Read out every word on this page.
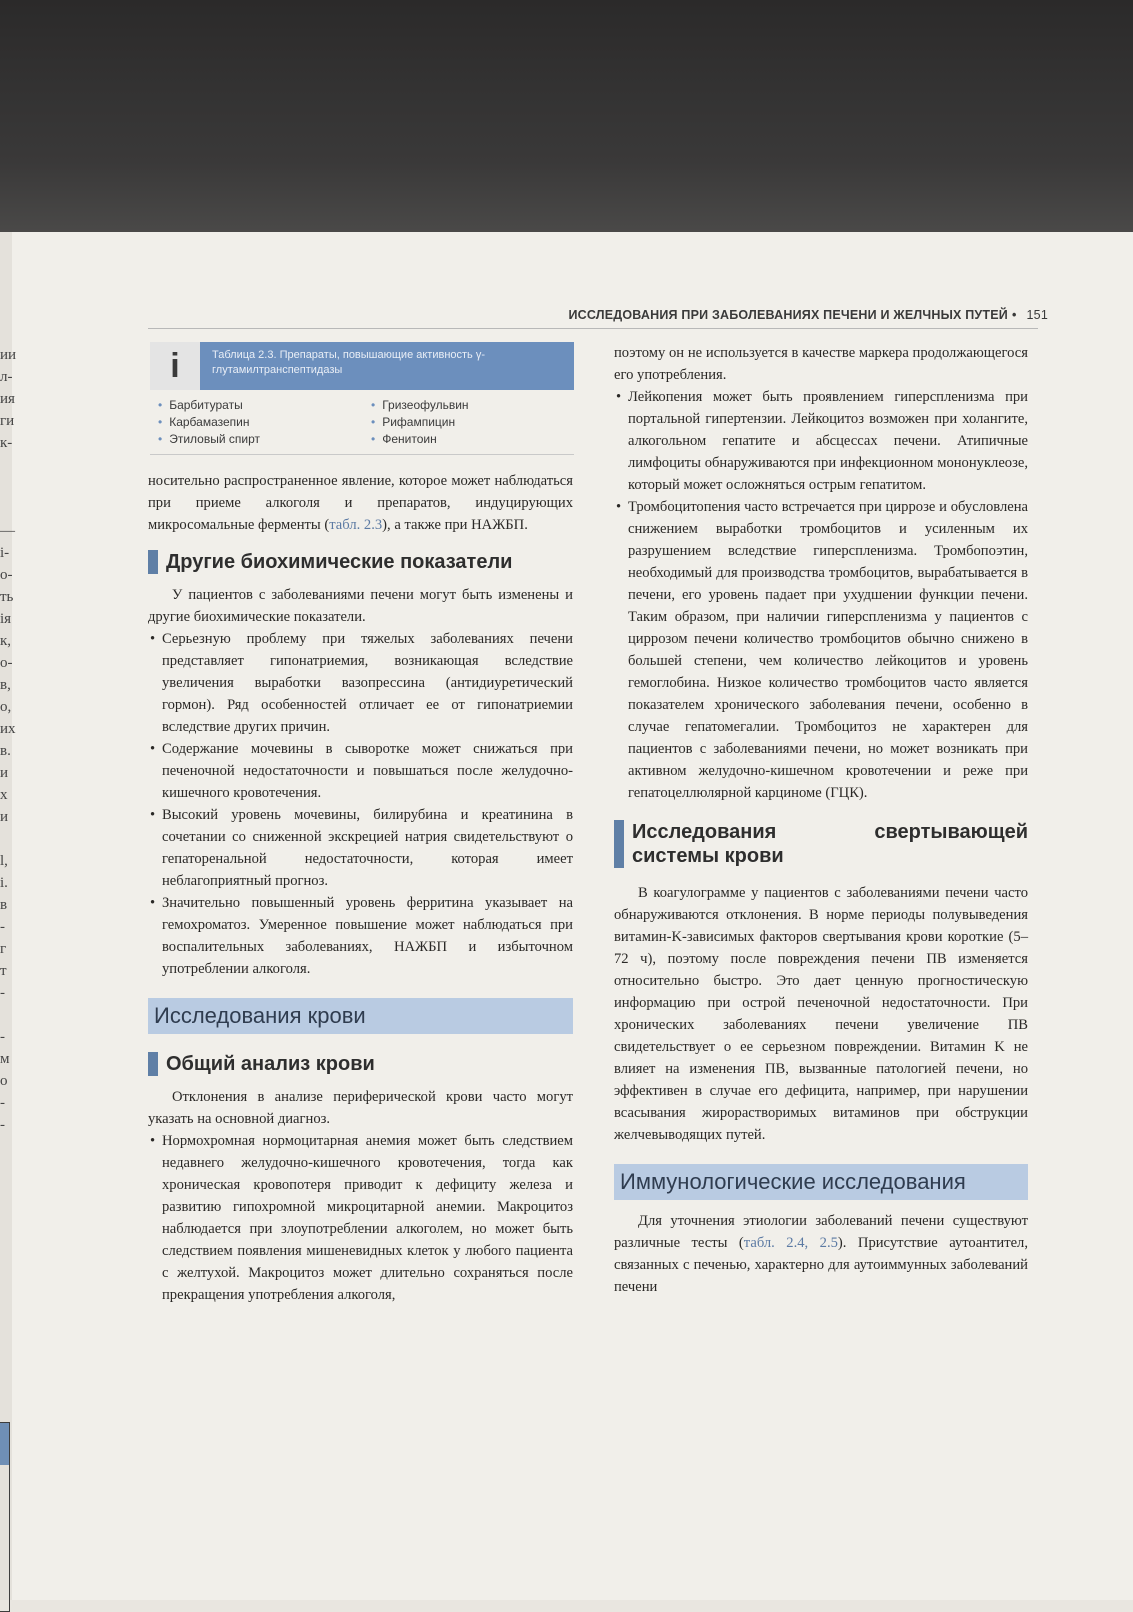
ии
л-
ия
ги
к-
—
і-
о-
ть
ія
к,
о-
в,
о,
их
в.
и
х
и
l,
і.
в
-
г
т
-
-
м
о
-
-
ИССЛЕДОВАНИЯ ПРИ ЗАБОЛЕВАНИЯХ ПЕЧЕНИ И ЖЕЛЧНЫХ ПУТЕЙ • 151
i	Таблица 2.3. Препараты, повышающие активность γ-глутамилтранспептидазы
• Барбитураты	• Гризеофульвин
• Карбамазепин	• Рифампицин
• Этиловый спирт	• Фенитоин

носительно распространенное явление, которое может наблюдаться при приеме алкоголя и препаратов, индуцирующих микросомальные ферменты (табл. 2.3), а также при НАЖБП.

Другие биохимические показатели

У пациентов с заболеваниями печени могут быть изменены и другие биохимические показатели.

• Серьезную проблему при тяжелых заболеваниях печени представляет гипонатриемия, возникающая вследствие увеличения выработки вазопрессина (антидиуретический гормон). Ряд особенностей отличает ее от гипонатриемии вследствие других причин.

• Содержание мочевины в сыворотке может снижаться при печеночной недостаточности и повышаться после желудочно-кишечного кровотечения.

• Высокий уровень мочевины, билирубина и креатинина в сочетании со сниженной экскрецией натрия свидетельствуют о гепаторенальной недостаточности, которая имеет неблагоприятный прогноз.

• Значительно повышенный уровень ферритина указывает на гемохроматоз. Умеренное повышение может наблюдаться при воспалительных заболеваниях, НАЖБП и избыточном употреблении алкоголя.

Исследования крови
Общий анализ крови

Отклонения в анализе периферической крови часто могут указать на основной диагноз.

• Нормохромная нормоцитарная анемия может быть следствием недавнего желудочно-кишечного кровотечения, тогда как хроническая кровопотеря приводит к дефициту железа и развитию гипохромной микроцитарной анемии. Макроцитоз наблюдается при злоупотреблении алкоголем, но может быть следствием появления мишеневидных клеток у любого пациента с желтухой. Макроцитоз может длительно сохраняться после прекращения употребления алкоголя,

поэтому он не используется в качестве маркера продолжающегося его употребления.

• Лейкопения может быть проявлением гиперспленизма при портальной гипертензии. Лейкоцитоз возможен при холангите, алкогольном гепатите и абсцессах печени. Атипичные лимфоциты обнаруживаются при инфекционном мононуклеозе, который может осложняться острым гепатитом.

• Тромбоцитопения часто встречается при циррозе и обусловлена снижением выработки тромбоцитов и усиленным их разрушением вследствие гиперспленизма. Тромбопоэтин, необходимый для производства тромбоцитов, вырабатывается в печени, его уровень падает при ухудшении функции печени. Таким образом, при наличии гиперспленизма у пациентов с циррозом печени количество тромбоцитов обычно снижено в большей степени, чем количество лейкоцитов и уровень гемоглобина. Низкое количество тромбоцитов часто является показателем хронического заболевания печени, особенно в случае гепатомегалии. Тромбоцитоз не характерен для пациентов с заболеваниями печени, но может возникать при активном желудочно-кишечном кровотечении и реже при гепатоцеллюлярной карциноме (ГЦК).

Исследования свертывающей системы крови

В коагулограмме у пациентов с заболеваниями печени часто обнаруживаются отклонения. В норме периоды полувыведения витамин-K-зависимых факторов свертывания крови короткие (5–72 ч), поэтому после повреждения печени ПВ изменяется относительно быстро. Это дает ценную прогностическую информацию при острой печеночной недостаточности. При хронических заболеваниях печени увеличение ПВ свидетельствует о ее серьезном повреждении. Витамин K не влияет на изменения ПВ, вызванные патологией печени, но эффективен в случае его дефицита, например, при нарушении всасывания жирорастворимых витаминов при обструкции желчевыводящих путей.

Иммунологические исследования

Для уточнения этиологии заболеваний печени существуют различные тесты (табл. 2.4, 2.5). Присутствие аутоантител, связанных с печенью, характерно для аутоиммунных заболеваний печени
